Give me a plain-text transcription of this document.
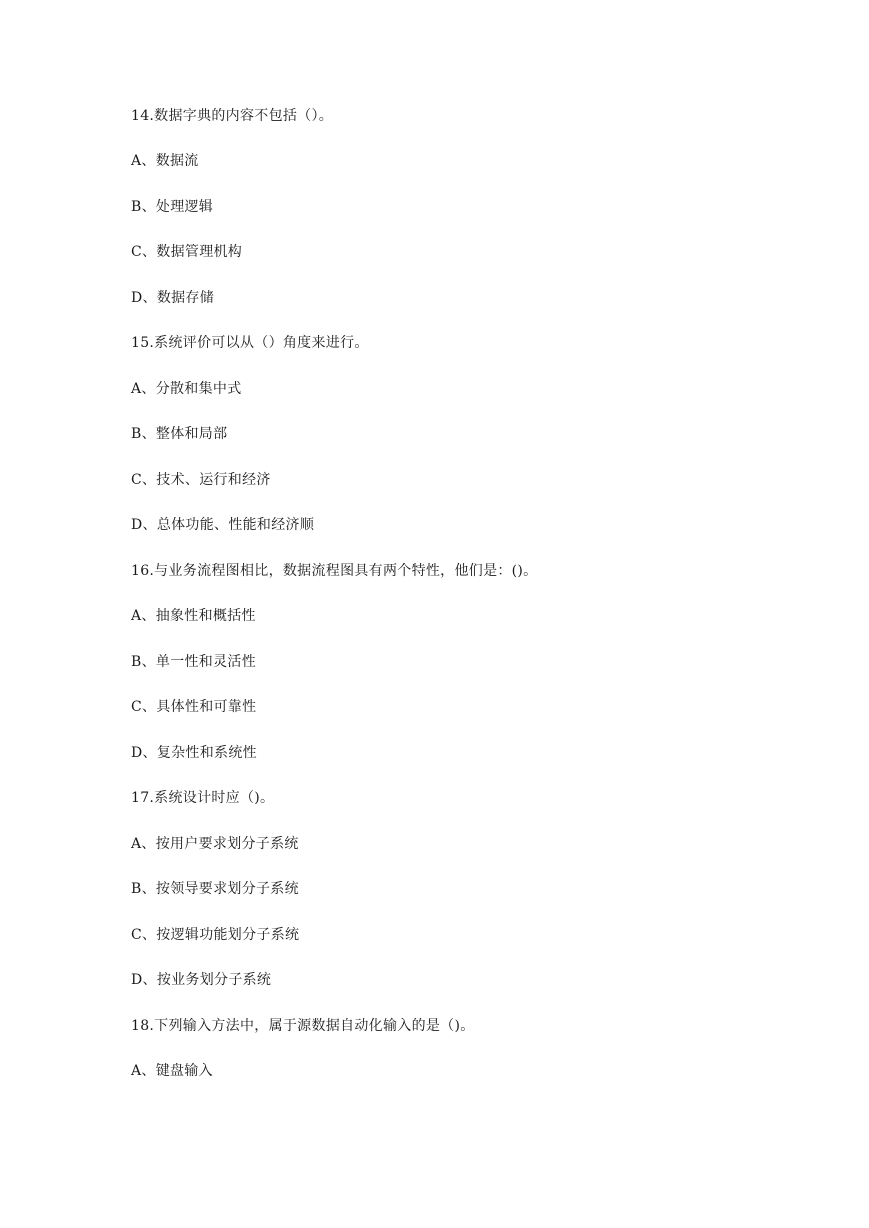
14.数据字典的内容不包括（）。
A、数据流
B、处理逻辑
C、数据管理机构
D、数据存储
15.系统评价可以从（）角度来进行。
A、分散和集中式
B、整体和局部
C、技术、运行和经济
D、总体功能、性能和经济顺
16.与业务流程图相比，数据流程图具有两个特性，他们是：()。
A、抽象性和概括性
B、单一性和灵活性
C、具体性和可靠性
D、复杂性和系统性
17.系统设计时应（)。
A、按用户要求划分子系统
B、按领导要求划分子系统
C、按逻辑功能划分子系统
D、按业务划分子系统
18.下列输入方法中，属于源数据自动化输入的是（)。
A、键盘输入
